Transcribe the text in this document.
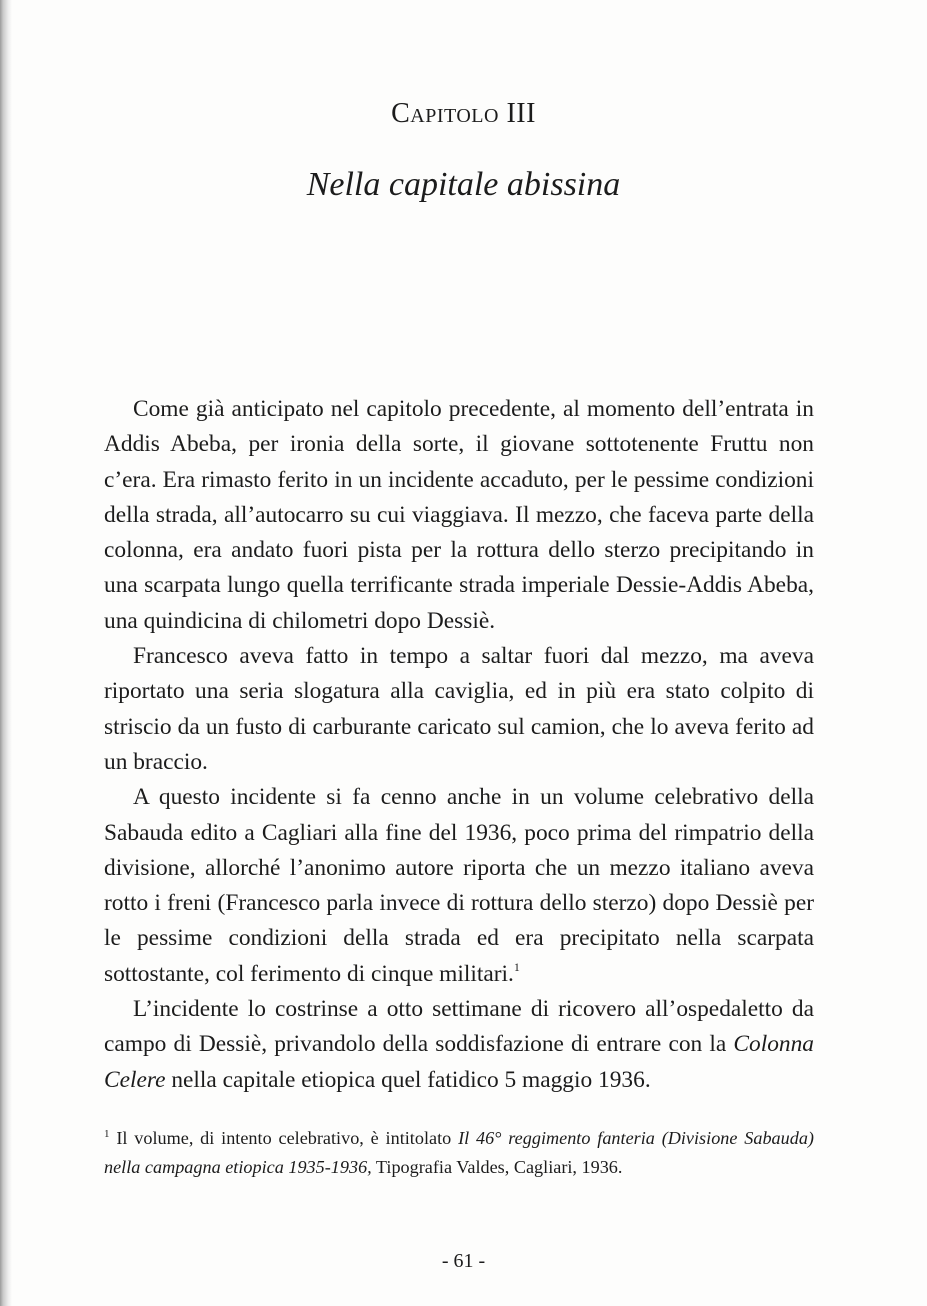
Capitolo III
Nella capitale abissina

Come già anticipato nel capitolo precedente, al momento dell’entrata in Addis Abeba, per ironia della sorte, il giovane sottotenente Fruttu non c’era. Era rimasto ferito in un incidente accaduto, per le pessime condizioni della strada, all’autocarro su cui viaggiava. Il mezzo, che faceva parte della colonna, era andato fuori pista per la rottura dello sterzo precipitando in una scarpata lungo quella terrificante strada imperiale Dessie-Addis Abeba, una quindicina di chilometri dopo Dessiè.

Francesco aveva fatto in tempo a saltar fuori dal mezzo, ma aveva riportato una seria slogatura alla caviglia, ed in più era stato colpito di striscio da un fusto di carburante caricato sul camion, che lo aveva ferito ad un braccio.

A questo incidente si fa cenno anche in un volume celebrativo della Sabauda edito a Cagliari alla fine del 1936, poco prima del rimpatrio della divisione, allorché l’anonimo autore riporta che un mezzo italiano aveva rotto i freni (Francesco parla invece di rottura dello sterzo) dopo Dessiè per le pessime condizioni della strada ed era precipitato nella scarpata sottostante, col ferimento di cinque militari.$^1$

L’incidente lo costrinse a otto settimane di ricovero all’ospedaletto da campo di Dessiè, privandolo della soddisfazione di entrare con la Colonna Celere nella capitale etiopica quel fatidico 5 maggio 1936.

$^1$ Il volume, di intento celebrativo, è intitolato Il 46° reggimento fanteria (Divisione Sabauda) nella campagna etiopica 1935-1936, Tipografia Valdes, Cagliari, 1936.
- 61 -
